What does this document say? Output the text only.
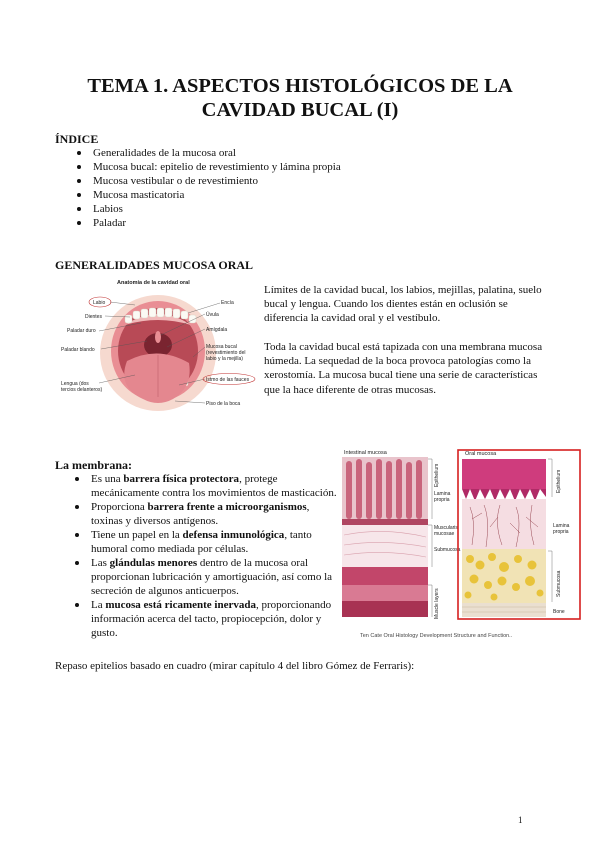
TEMA 1. ASPECTOS HISTOLÓGICOS DE LA
CAVIDAD BUCAL (I)

ÍNDICE

Generalidades de la mucosa oral
Mucosa bucal: epitelio de revestimiento y lámina propia
Mucosa vestibular o de revestimiento
Mucosa masticatoria
Labios
Paladar

GENERALIDADES MUCOSA ORAL

Anatomía de la cavidad oral
Labio
Dientes
Paladar duro
Paladar blando
Lengua (dos
tercios delanteros)
Encía
Úvula
Amígdala
Mucosa bucal
(revestimiento del
labio y la mejilla)
Istmo de las fauces
Piso de la boca

Límites de la cavidad bucal, los labios, mejillas, palatina, suelo bucal y lengua. Cuando los dientes están en oclusión se diferencia la cavidad oral y el vestíbulo.

Toda la cavidad bucal está tapizada con una membrana mucosa húmeda. La sequedad de la boca provoca patologías como la xerostomía. La mucosa bucal tiene una serie de características que la hace diferente de otras mucosas.

La membrana:

Es una barrera física protectora, protege mecánicamente contra los movimientos de masticación.
Proporciona barrera frente a microorganismos, toxinas y diversos antígenos.
Tiene un papel en la defensa inmunológica, tanto humoral como mediada por células.
Las glándulas menores dentro de la mucosa oral proporcionan lubricación y amortiguación, así como la secreción de algunos anticuerpos.
La mucosa está ricamente inervada, proporcionando información acerca del tacto, propiocepción, dolor y gusto.
Intestinal mucosa
Epithelium
Lamina
propria
Muscularis
mucosae
Submucosa
Muscle layers
Oral mucosa
Epithelium
Lamina
propria
Submucosa
Bone
Ten Cate Oral Histology Development Structure and Function..

Repaso epitelios basado en cuadro (mirar capítulo 4 del libro Gómez de Ferraris):

1
